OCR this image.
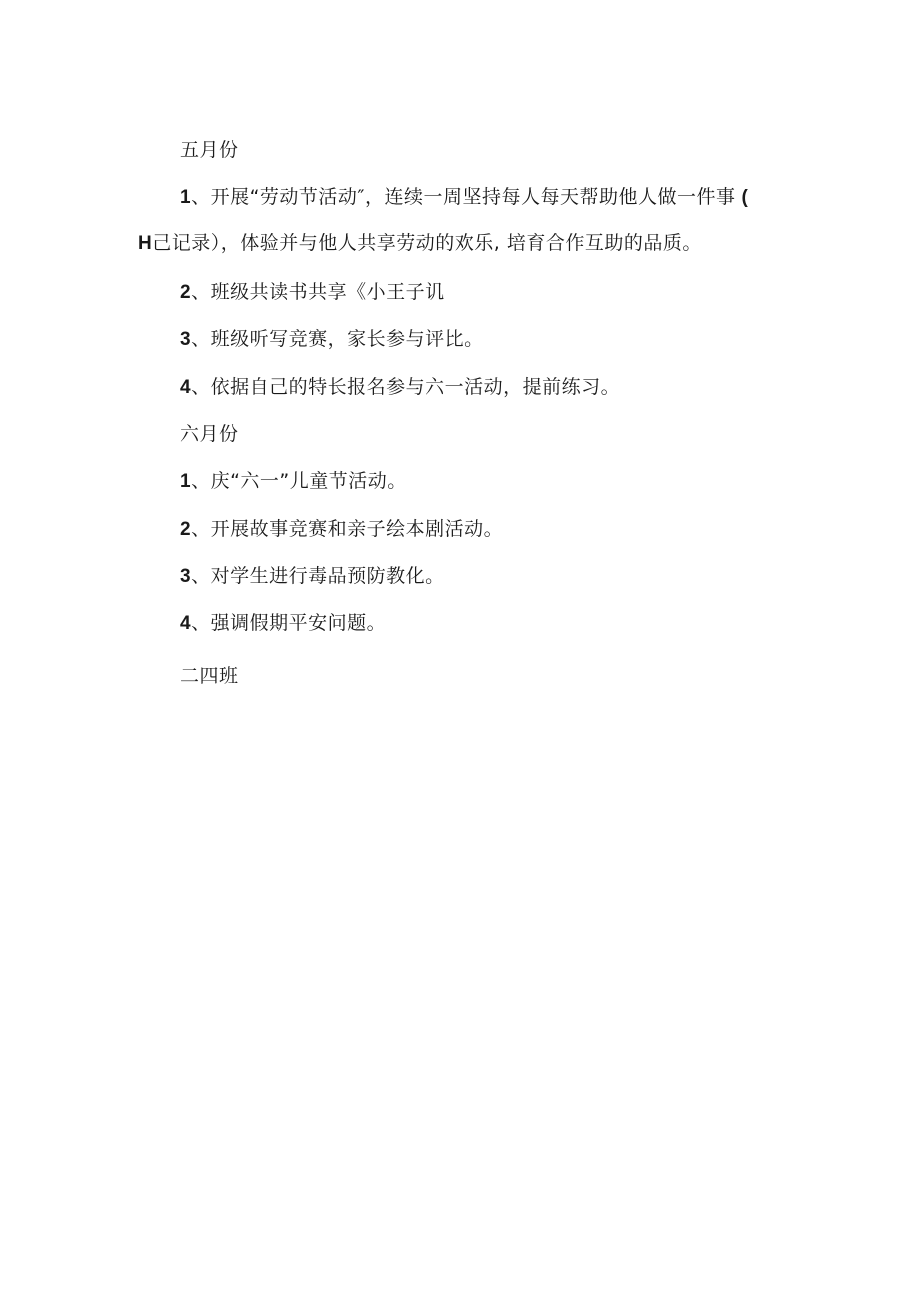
五月份
1、开展“劳动节活动″，连续一周坚持每人每天帮助他人做一件事 (
H己记录），体验并与他人共享劳动的欢乐, 培育合作互助的品质。
2、班级共读书共享《小王子讥
3、班级听写竞赛，家长参与评比。
4、依据自己的特长报名参与六一活动，提前练习。
六月份
1、庆“六一”儿童节活动。
2、开展故事竞赛和亲子绘本剧活动。
3、对学生进行毒品预防教化。
4、强调假期平安问题。
二四班
